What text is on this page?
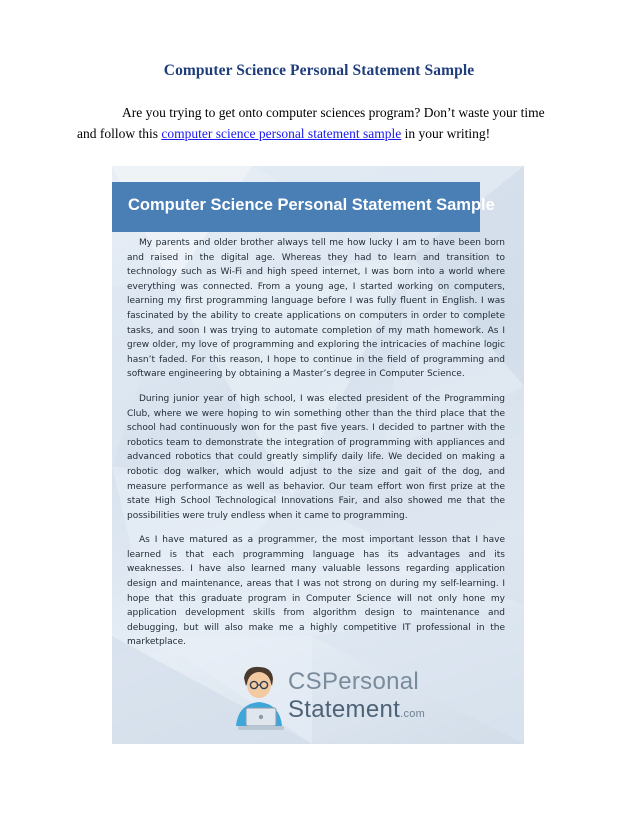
Computer Science Personal Statement Sample
Are you trying to get onto computer sciences program? Don’t waste your time and follow this computer science personal statement sample in your writing!
Computer Science Personal Statement Sample

My parents and older brother always tell me how lucky I am to have been born and raised in the digital age. Whereas they had to learn and transition to technology such as Wi-Fi and high speed internet, I was born into a world where everything was connected. From a young age, I started working on computers, learning my first programming language before I was fully fluent in English. I was fascinated by the ability to create applications on computers in order to complete tasks, and soon I was trying to automate completion of my math homework. As I grew older, my love of programming and exploring the intricacies of machine logic hasn’t faded. For this reason, I hope to continue in the field of programming and software engineering by obtaining a Master’s degree in Computer Science.

During junior year of high school, I was elected president of the Programming Club, where we were hoping to win something other than the third place that the school had continuously won for the past five years. I decided to partner with the robotics team to demonstrate the integration of programming with appliances and advanced robotics that could greatly simplify daily life. We decided on making a robotic dog walker, which would adjust to the size and gait of the dog, and measure performance as well as behavior. Our team effort won first prize at the state High School Technological Innovations Fair, and also showed me that the possibilities were truly endless when it came to programming.

As I have matured as a programmer, the most important lesson that I have learned is that each programming language has its advantages and its weaknesses. I have also learned many valuable lessons regarding application design and maintenance, areas that I was not strong on during my self-learning. I hope that this graduate program in Computer Science will not only hone my application development skills from algorithm design to maintenance and debugging, but will also make me a highly competitive IT professional in the marketplace.

CSPersonal
Statement.com
